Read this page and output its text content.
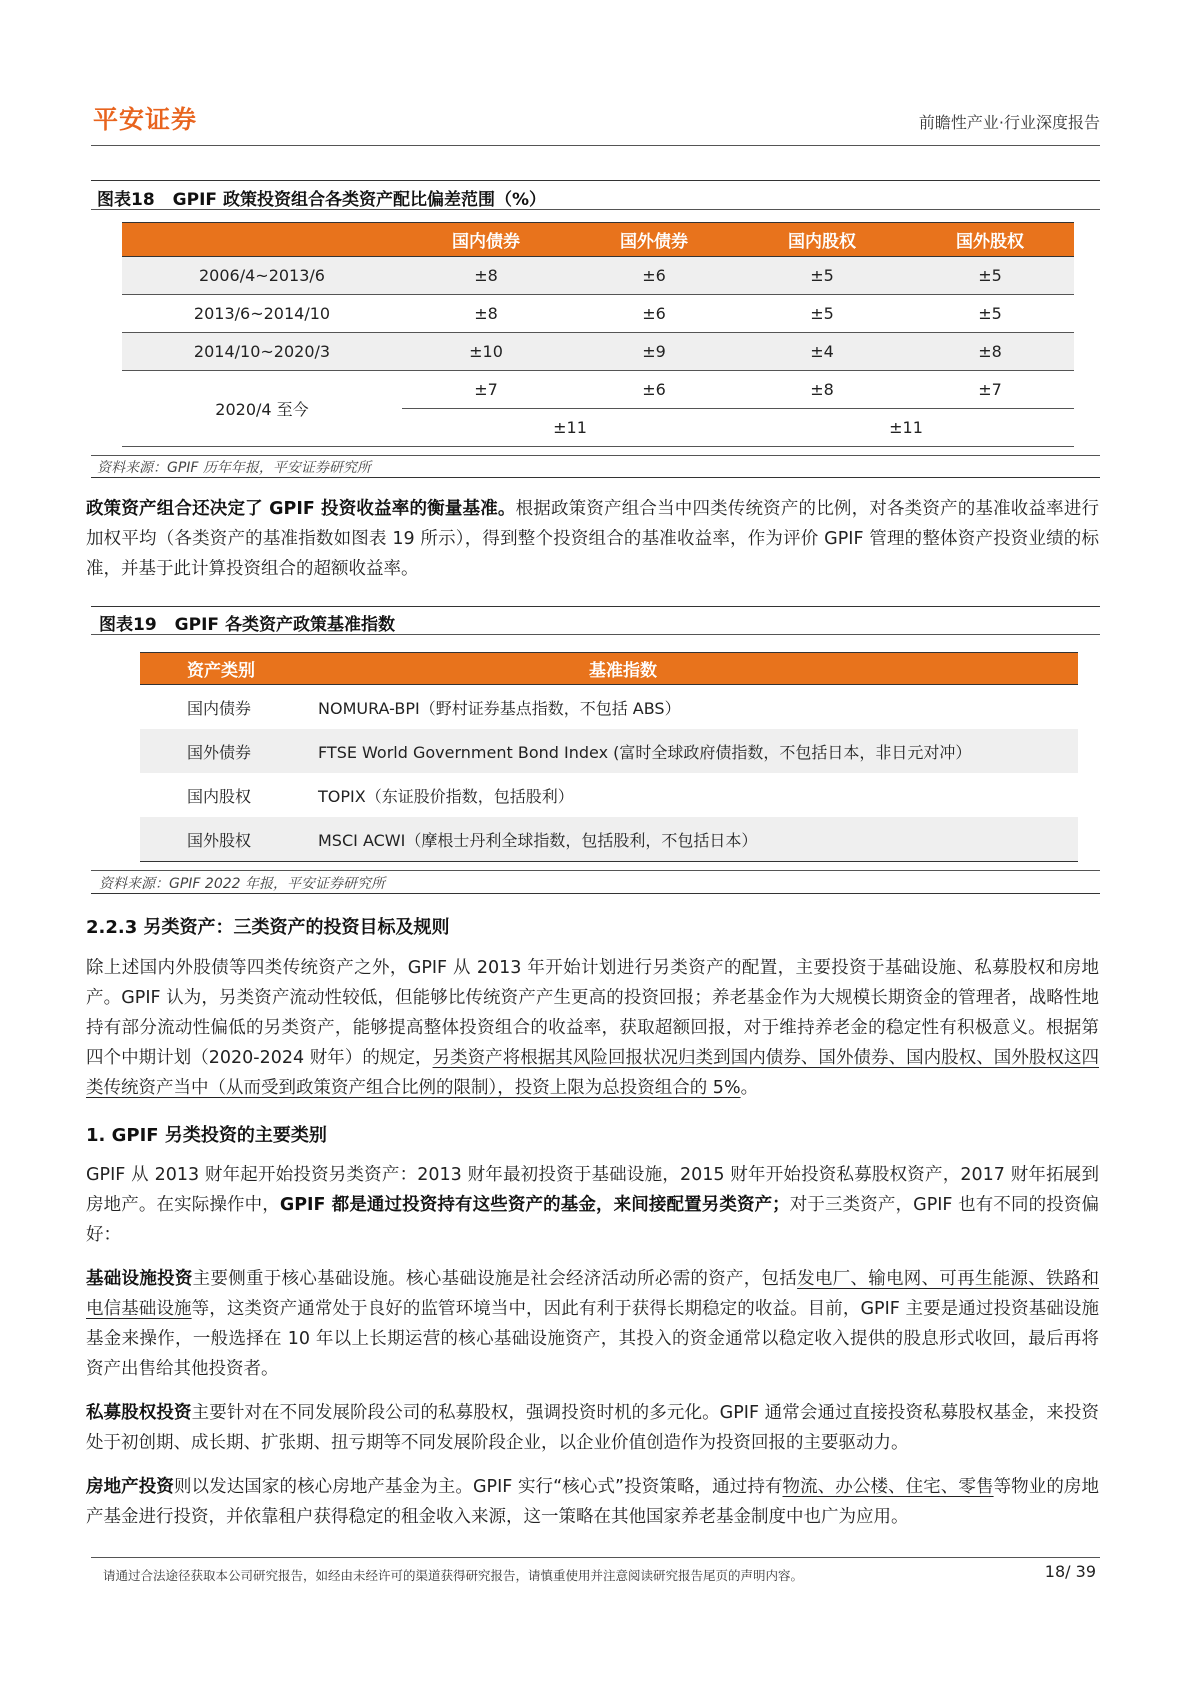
平安证券	前瞻性产业·行业深度报告
图表18 GPIF 政策投资组合各类资产配比偏差范围（%）
	国内债券	国外债券	国内股权	国外股权
2006/4~2013/6	±8	±6	±5	±5
2013/6~2014/10	±8	±6	±5	±5
2014/10~2020/3	±10	±9	±4	±8
2020/4 至今	±7	±6	±8	±7
	±11		±11	
资料来源：GPIF 历年年报，平安证券研究所
政策资产组合还决定了 GPIF 投资收益率的衡量基准。根据政策资产组合当中四类传统资产的比例，对各类资产的基准收益率进行加权平均（各类资产的基准指数如图表 19 所示），得到整个投资组合的基准收益率，作为评价 GPIF 管理的整体资产投资业绩的标准，并基于此计算投资组合的超额收益率。
图表19 GPIF 各类资产政策基准指数
资产类别	基准指数
国内债券	NOMURA-BPI（野村证券基点指数，不包括 ABS）
国外债券	FTSE World Government Bond Index (富时全球政府债指数，不包括日本，非日元对冲）
国内股权	TOPIX（东证股价指数，包括股利）
国外股权	MSCI ACWI（摩根士丹利全球指数，包括股利，不包括日本）
资料来源：GPIF 2022 年报，平安证券研究所
2.2.3 另类资产：三类资产的投资目标及规则
除上述国内外股债等四类传统资产之外，GPIF 从 2013 年开始计划进行另类资产的配置，主要投资于基础设施、私募股权和房地产。GPIF 认为，另类资产流动性较低，但能够比传统资产产生更高的投资回报；养老基金作为大规模长期资金的管理者，战略性地持有部分流动性偏低的另类资产，能够提高整体投资组合的收益率，获取超额回报，对于维持养老金的稳定性有积极意义。根据第四个中期计划（2020-2024 财年）的规定，另类资产将根据其风险回报状况归类到国内债券、国外债券、国内股权、国外股权这四类传统资产当中（从而受到政策资产组合比例的限制），投资上限为总投资组合的 5%。
1. GPIF 另类投资的主要类别
GPIF 从 2013 财年起开始投资另类资产：2013 财年最初投资于基础设施，2015 财年开始投资私募股权资产，2017 财年拓展到房地产。在实际操作中，GPIF 都是通过投资持有这些资产的基金，来间接配置另类资产；对于三类资产，GPIF 也有不同的投资偏好：
基础设施投资主要侧重于核心基础设施。核心基础设施是社会经济活动所必需的资产，包括发电厂、输电网、可再生能源、铁路和电信基础设施等，这类资产通常处于良好的监管环境当中，因此有利于获得长期稳定的收益。目前，GPIF 主要是通过投资基础设施基金来操作，一般选择在 10 年以上长期运营的核心基础设施资产，其投入的资金通常以稳定收入提供的股息形式收回，最后再将资产出售给其他投资者。
私募股权投资主要针对在不同发展阶段公司的私募股权，强调投资时机的多元化。GPIF 通常会通过直接投资私募股权基金，来投资处于初创期、成长期、扩张期、扭亏期等不同发展阶段企业，以企业价值创造作为投资回报的主要驱动力。
房地产投资则以发达国家的核心房地产基金为主。GPIF 实行“核心式”投资策略，通过持有物流、办公楼、住宅、零售等物业的房地产基金进行投资，并依靠租户获得稳定的租金收入来源，这一策略在其他国家养老基金制度中也广为应用。
请通过合法途径获取本公司研究报告，如经由未经许可的渠道获得研究报告，请慎重使用并注意阅读研究报告尾页的声明内容。	18/ 39
